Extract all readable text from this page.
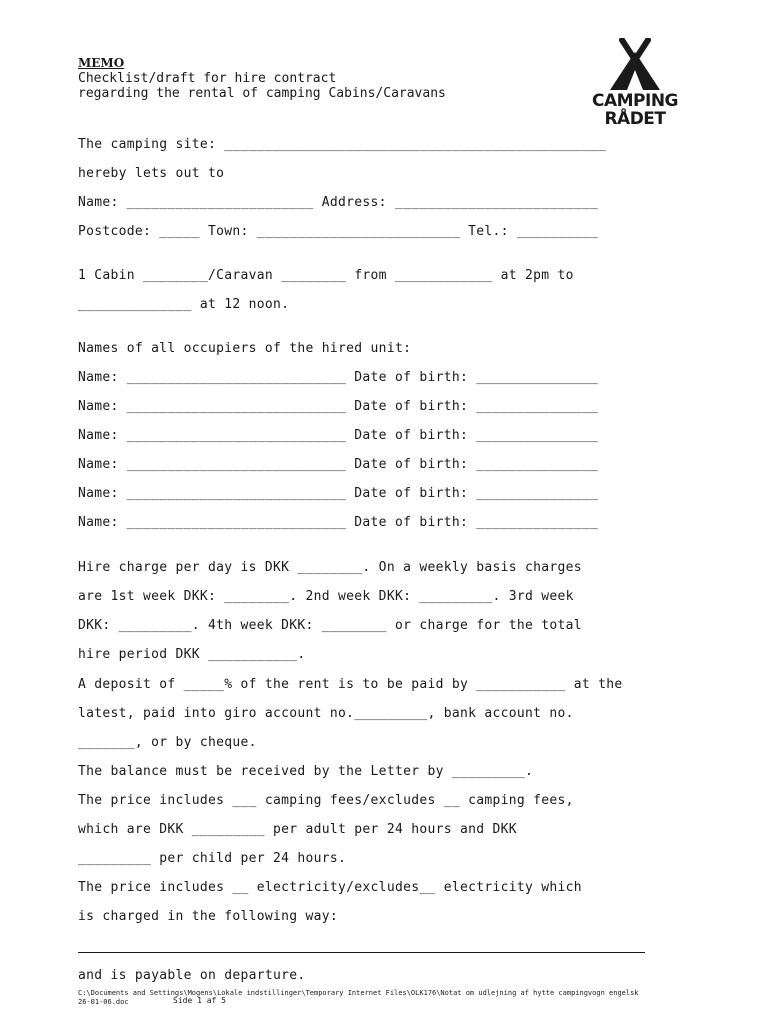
MEMO
Checklist/draft for hire contract
regarding the rental of camping Cabins/Caravans	CAMPING
RÅDET
The camping site: _______________________________________________
hereby lets out to
Name: _______________________ Address: _________________________
Postcode: _____ Town: _________________________ Tel.: __________
1 Cabin ________/Caravan ________ from ____________ at 2pm to
______________ at 12 noon.
Names of all occupiers of the hired unit:
Name: ___________________________ Date of birth: _______________
Name: ___________________________ Date of birth: _______________
Name: ___________________________ Date of birth: _______________
Name: ___________________________ Date of birth: _______________
Name: ___________________________ Date of birth: _______________
Name: ___________________________ Date of birth: _______________
Hire charge per day is DKK ________. On a weekly basis charges
are 1st week DKK: ________. 2nd week DKK: _________. 3rd week
DKK: _________. 4th week DKK: ________ or charge for the total
hire period DKK ___________.
A deposit of _____% of the rent is to be paid by ___________ at the
latest, paid into giro account no._________, bank account no.
_______, or by cheque.
The balance must be received by the Letter by _________.
The price includes ___ camping fees/excludes __ camping fees,
which are DKK _________ per adult per 24 hours and DKK
_________ per child per 24 hours.
The price includes __ electricity/excludes__ electricity which
is charged in the following way:
and is payable on departure.
C:\Documents and Settings\Mogens\Lokale indstillinger\Temporary Internet Files\OLK176\Notat om udlejning af hytte campingvogn engelsk
26-01-06.doc	Side 1 af 5
